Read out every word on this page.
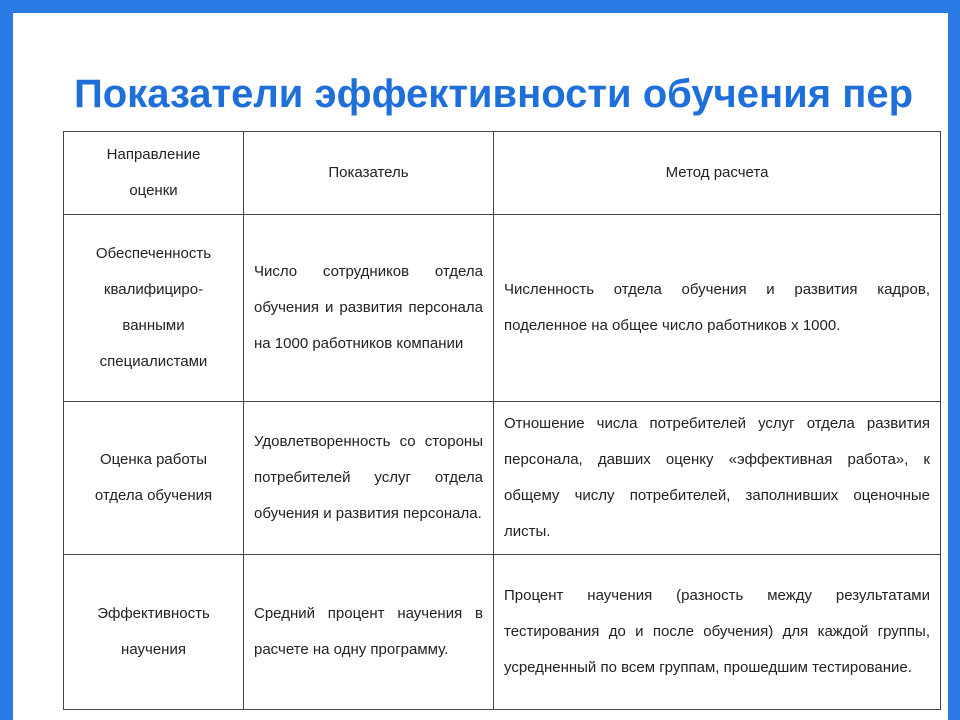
Показатели эффективности обучения пер
Направление оценки	Показатель	Метод расчета
Обеспеченность квалифициро-ванными специалистами	Число сотрудников отдела обучения и развития персонала на 1000 работников компании	Численность отдела обучения и развития кадров, поделенное на общее число работников х 1000.
Оценка работы отдела обучения	Удовлетворенность со стороны потребителей услуг отдела обучения и развития персонала.	Отношение числа потребителей услуг отдела развития персонала, давших оценку «эффективная работа», к общему числу потребителей, заполнивших оценочные листы.
Эффективность научения	Средний процент научения в расчете на одну программу.	Процент научения (разность между результатами тестирования до и после обучения) для каждой группы, усредненный по всем группам, прошедшим тестирование.
